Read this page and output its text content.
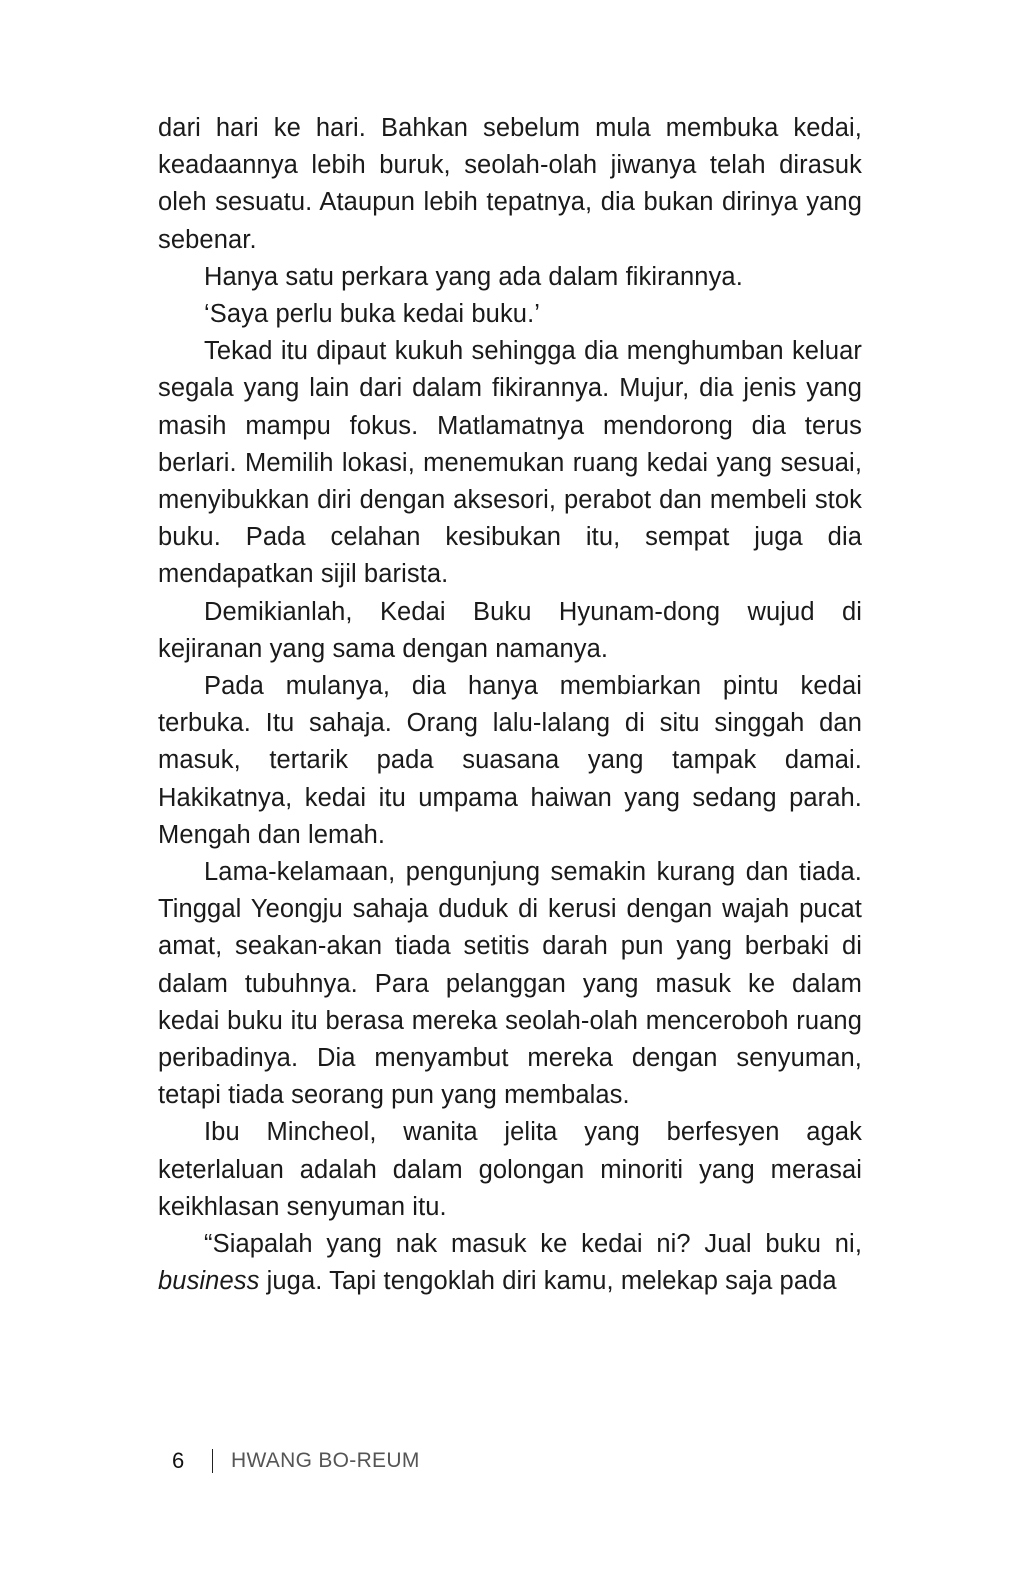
dari hari ke hari. Bahkan sebelum mula membuka kedai, keadaannya lebih buruk, seolah-olah jiwanya telah dirasuk oleh sesuatu. Ataupun lebih tepatnya, dia bukan dirinya yang sebenar.

Hanya satu perkara yang ada dalam fikirannya.

‘Saya perlu buka kedai buku.’

Tekad itu dipaut kukuh sehingga dia menghumban keluar segala yang lain dari dalam fikirannya. Mujur, dia jenis yang masih mampu fokus. Matlamatnya mendorong dia terus berlari. Memilih lokasi, menemukan ruang kedai yang sesuai, menyibukkan diri dengan aksesori, perabot dan membeli stok buku. Pada celahan kesibukan itu, sempat juga dia mendapatkan sijil barista.

Demikianlah, Kedai Buku Hyunam-dong wujud di kejiranan yang sama dengan namanya.

Pada mulanya, dia hanya membiarkan pintu kedai terbuka. Itu sahaja. Orang lalu-lalang di situ singgah dan masuk, tertarik pada suasana yang tampak damai. Hakikatnya, kedai itu umpama haiwan yang sedang parah. Mengah dan lemah.

Lama-kelamaan, pengunjung semakin kurang dan tiada. Tinggal Yeongju sahaja duduk di kerusi dengan wajah pucat amat, seakan-akan tiada setitis darah pun yang berbaki di dalam tubuhnya. Para pelanggan yang masuk ke dalam kedai buku itu berasa mereka seolah-olah menceroboh ruang peribadinya. Dia menyambut mereka dengan senyuman, tetapi tiada seorang pun yang membalas.

Ibu Mincheol, wanita jelita yang berfesyen agak keterlaluan adalah dalam golongan minoriti yang merasai keikhlasan senyuman itu.

“Siapalah yang nak masuk ke kedai ni? Jual buku ni, business juga. Tapi tengoklah diri kamu, melekap saja pada

6	HWANG BO-REUM
